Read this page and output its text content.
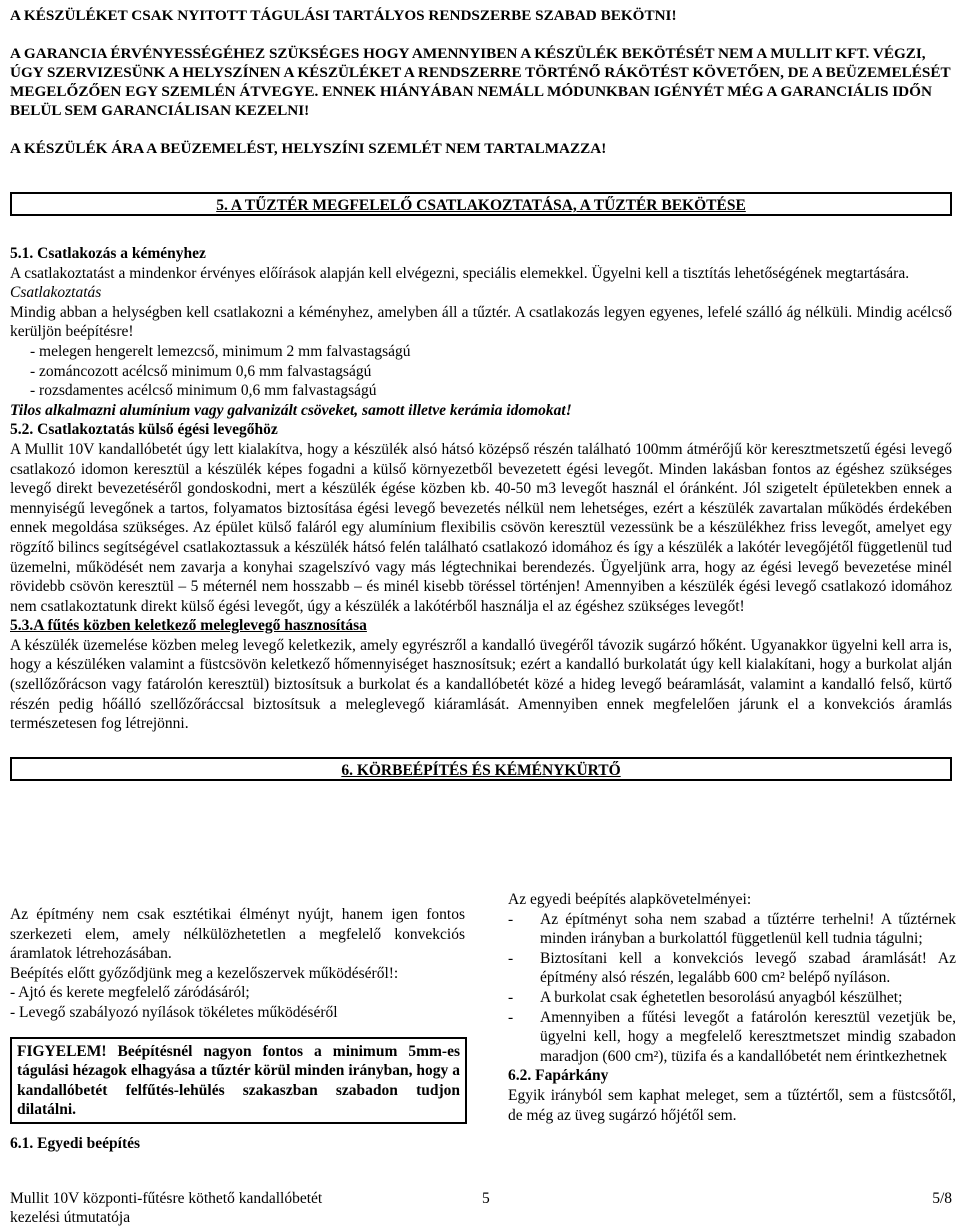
A KÉSZÜLÉKET CSAK NYITOTT TÁGULÁSI TARTÁLYOS RENDSZERBE SZABAD BEKÖTNI!

A GARANCIA ÉRVÉNYESSÉGÉHEZ SZÜKSÉGES HOGY AMENNYIBEN A KÉSZÜLÉK BEKÖTÉSÉT NEM A MULLIT KFT. VÉGZI, ÚGY SZERVIZESÜNK A HELYSZÍNEN A KÉSZÜLÉKET A RENDSZERRE TÖRTÉNŐ RÁKÖTÉST KÖVETŐEN, DE A BEÜZEMELÉSÉT MEGELŐZŐEN EGY SZEMLÉN ÁTVEGYE. ENNEK HIÁNYÁBAN NEMÁLL MÓDUNKBAN IGÉNYÉT MÉG A GARANCIÁLIS IDŐN BELÜL SEM GARANCIÁLISAN KEZELNI!

A KÉSZÜLÉK ÁRA A BEÜZEMELÉST, HELYSZÍNI SZEMLÉT NEM TARTALMAZZA!

5. A TŰZTÉR MEGFELELŐ CSATLAKOZTATÁSA, A TŰZTÉR BEKÖTÉSE

5.1. Csatlakozás a kéményhez

A csatlakoztatást a mindenkor érvényes előírások alapján kell elvégezni, speciális elemekkel. Ügyelni kell a tisztítás lehetőségének megtartására.

Csatlakoztatás

Mindig abban a helységben kell csatlakozni a kéményhez, amelyben áll a tűztér. A csatlakozás legyen egyenes, lefelé szálló ág nélküli. Mindig acélcső kerüljön beépítésre!

- melegen hengerelt lemezcső, minimum 2 mm falvastagságú

- zománcozott acélcső minimum 0,6 mm falvastagságú

- rozsdamentes acélcső minimum 0,6 mm falvastagságú

Tilos alkalmazni alumínium vagy galvanizált csöveket, samott illetve kerámia idomokat!

5.2. Csatlakoztatás külső égési levegőhöz

A Mullit 10V kandallóbetét úgy lett kialakítva, hogy a készülék alsó hátsó középső részén található 100mm átmérőjű kör keresztmetszetű égési levegő csatlakozó idomon keresztül a készülék képes fogadni a külső környezetből bevezetett égési levegőt. Minden lakásban fontos az égéshez szükséges levegő direkt bevezetéséről gondoskodni, mert a készülék égése közben kb. 40-50 m3 levegőt használ el óránként. Jól szigetelt épületekben ennek a mennyiségű levegőnek a tartos, folyamatos biztosítása égési levegő bevezetés nélkül nem lehetséges, ezért a készülék zavartalan működés érdekében ennek megoldása szükséges. Az épület külső faláról egy alumínium flexibilis csövön keresztül vezessünk be a készülékhez friss levegőt, amelyet egy rögzítő bilincs segítségével csatlakoztassuk a készülék hátsó felén található csatlakozó idomához és így a készülék a lakótér levegőjétől függetlenül tud üzemelni, működését nem zavarja a konyhai szagelszívó vagy más légtechnikai berendezés. Ügyeljünk arra, hogy az égési levegő bevezetése minél rövidebb csövön keresztül – 5 méternél nem hosszabb – és minél kisebb töréssel történjen! Amennyiben a készülék égési levegő csatlakozó idomához nem csatlakoztatunk direkt külső égési levegőt, úgy a készülék a lakótérből használja el az égéshez szükséges levegőt!

5.3.A fűtés közben keletkező meleglevegő hasznosítása

A készülék üzemelése közben meleg levegő keletkezik, amely egyrészről a kandalló üvegéről távozik sugárzó hőként. Ugyanakkor ügyelni kell arra is, hogy a készüléken valamint a füstcsövön keletkező hőmennyiséget hasznosítsuk; ezért a kandalló burkolatát úgy kell kialakítani, hogy a burkolat alján (szellőzőrácson vagy fatárolón keresztül) biztosítsuk a burkolat és a kandallóbetét közé a hideg levegő beáramlását, valamint a kandalló felső, kürtő részén pedig hőálló szellőzőráccsal biztosítsuk a meleglevegő kiáramlását. Amennyiben ennek megfelelően járunk el a konvekciós áramlás természetesen fog létrejönni.

6. KÖRBEÉPÍTÉS ÉS KÉMÉNYKÜRTŐ

Az építmény nem csak esztétikai élményt nyújt, hanem igen fontos szerkezeti elem, amely nélkülözhetetlen a megfelelő konvekciós áramlatok létrehozásában.

Beépítés előtt győződjünk meg a kezelőszervek működéséről!:

- Ajtó és kerete megfelelő záródásáról;

- Levegő szabályozó nyílások tökéletes működéséről

FIGYELEM! Beépítésnél nagyon fontos a minimum 5mm-es tágulási hézagok elhagyása a tűztér körül minden irányban, hogy a kandallóbetét felfűtés-lehülés szakaszban szabadon tudjon dilatálni.

6.1. Egyedi beépítés

Az egyedi beépítés alapkövetelményei:

-	Az építményt soha nem szabad a tűztérre terhelni! A tűztérnek minden irányban a burkolattól függetlenül kell tudnia tágulni;
-	Biztosítani kell a konvekciós levegő szabad áramlását! Az építmény alsó részén, legalább 600 cm² belépő nyíláson.
-	A burkolat csak éghetetlen besorolású anyagból készülhet;
-	Amennyiben a fűtési levegőt a fatárolón keresztül vezetjük be, ügyelni kell, hogy a megfelelő keresztmetszet mindig szabadon maradjon (600 cm²), tüzifa és a kandallóbetét nem érintkezhetnek

6.2. Fapárkány

Egyik irányból sem kaphat meleget, sem a tűztértől, sem a füstcsőtől, de még az üveg sugárzó hőjétől sem.

Mullit 10V központi-fűtésre köthető kandallóbetét
kezelési útmutatója
5	5/8
